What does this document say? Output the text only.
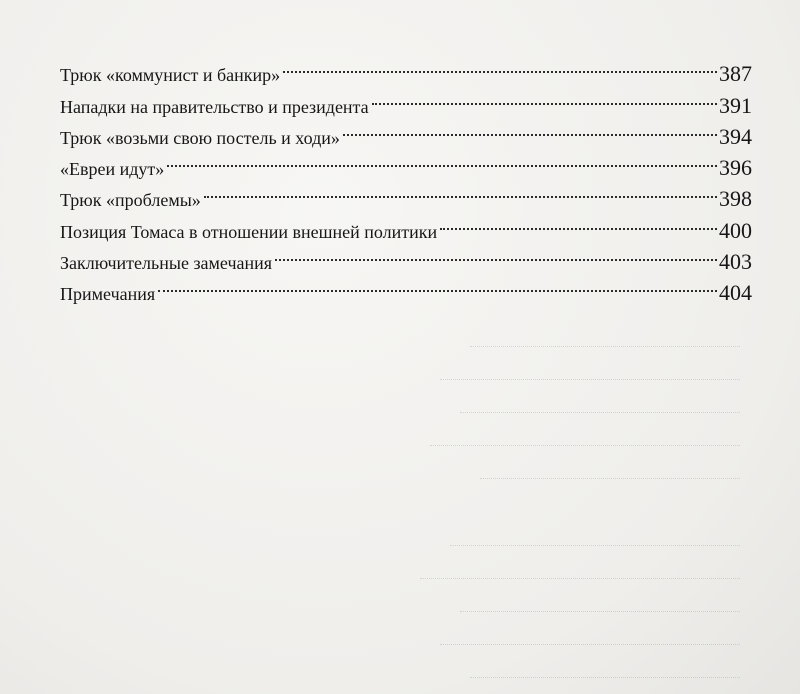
Трюк «коммунист и банкир»	387
Нападки на правительство и президента	391
Трюк «возьми свою постель и ходи»	394
«Евреи идут»	396
Трюк «проблемы»	398
Позиция Томаса в отношении внешней политики	400
Заключительные замечания	403
Примечания	404
